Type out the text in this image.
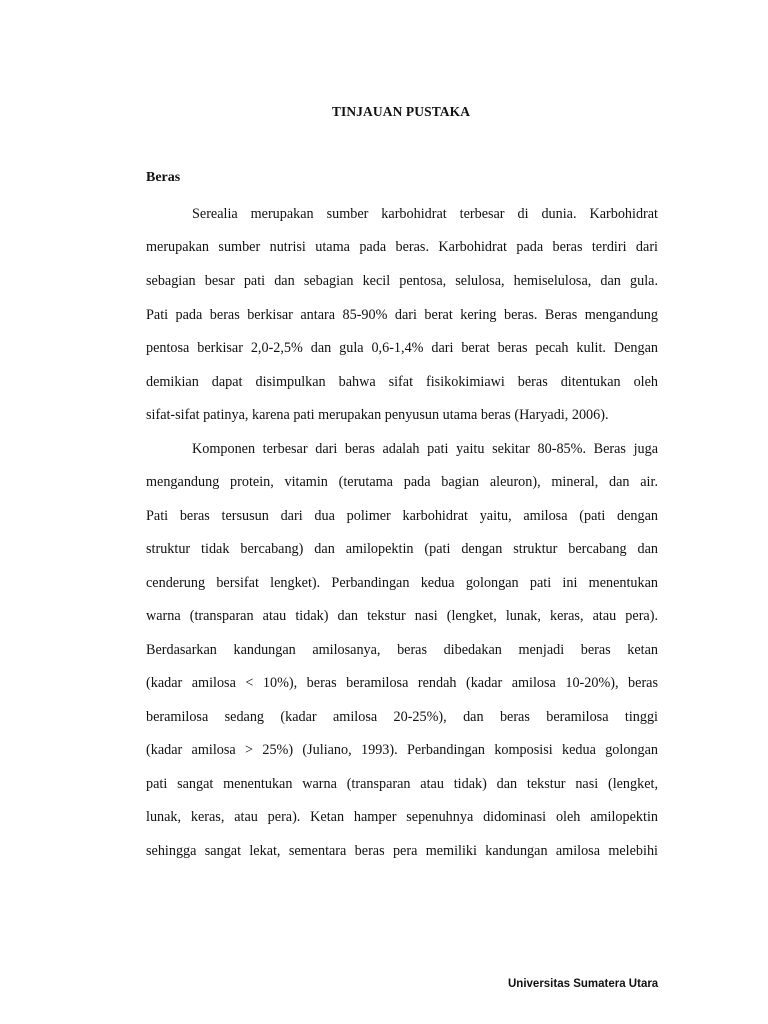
TINJAUAN PUSTAKA
Beras
Serealia merupakan sumber karbohidrat terbesar di dunia. Karbohidrat
merupakan sumber nutrisi utama pada beras. Karbohidrat pada beras terdiri dari
sebagian besar pati dan sebagian kecil pentosa, selulosa, hemiselulosa, dan gula.
Pati pada beras berkisar antara 85-90% dari berat kering beras. Beras mengandung
pentosa berkisar 2,0-2,5% dan gula 0,6-1,4% dari berat beras pecah kulit. Dengan
demikian dapat disimpulkan bahwa sifat fisikokimiawi beras ditentukan oleh
sifat-sifat patinya, karena pati merupakan penyusun utama beras (Haryadi, 2006).
Komponen terbesar dari beras adalah pati yaitu sekitar 80-85%. Beras juga
mengandung protein, vitamin (terutama pada bagian aleuron), mineral, dan air.
Pati beras tersusun dari dua polimer karbohidrat yaitu, amilosa (pati dengan
struktur tidak bercabang) dan amilopektin (pati dengan struktur bercabang dan
cenderung bersifat lengket). Perbandingan kedua golongan pati ini menentukan
warna (transparan atau tidak) dan tekstur nasi (lengket, lunak, keras, atau pera).
Berdasarkan kandungan amilosanya, beras dibedakan menjadi beras ketan
(kadar amilosa < 10%), beras beramilosa rendah (kadar amilosa 10-20%), beras
beramilosa sedang (kadar amilosa 20-25%), dan beras beramilosa tinggi
(kadar amilosa > 25%) (Juliano, 1993). Perbandingan komposisi kedua golongan
pati sangat menentukan warna (transparan atau tidak) dan tekstur nasi (lengket,
lunak, keras, atau pera). Ketan hamper sepenuhnya didominasi oleh amilopektin
sehingga sangat lekat, sementara beras pera memiliki kandungan amilosa melebihi
Universitas Sumatera Utara
